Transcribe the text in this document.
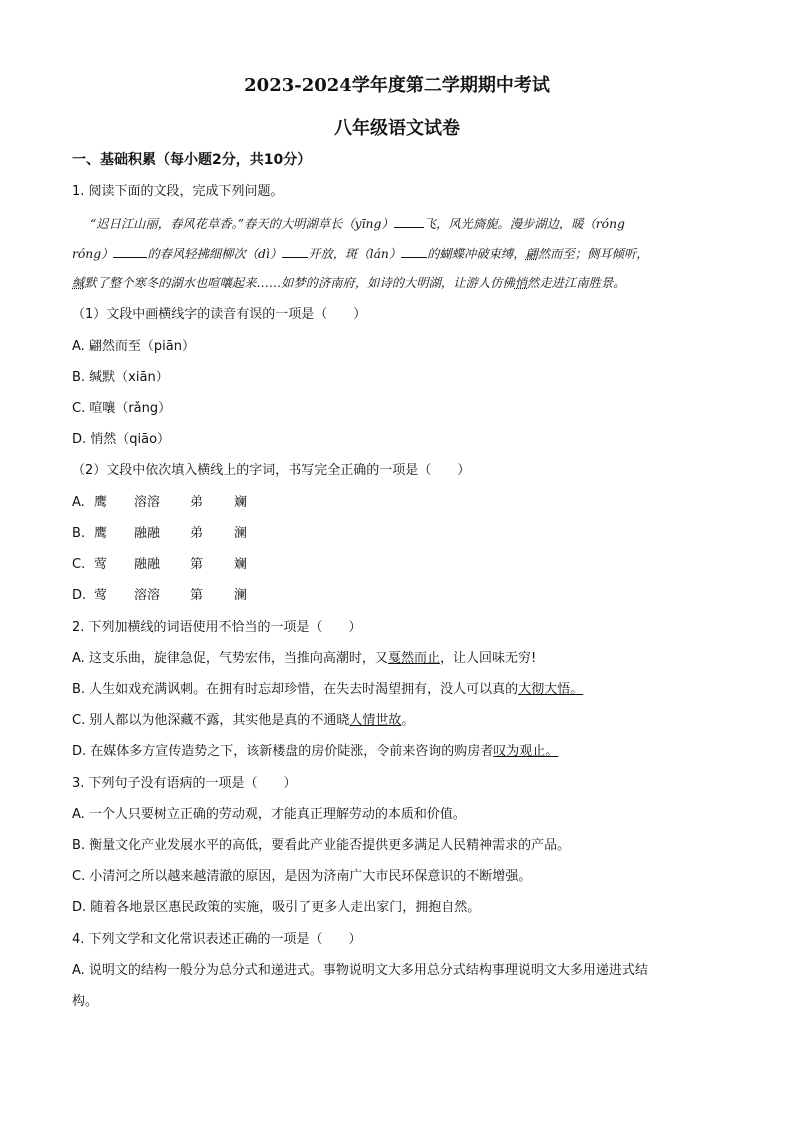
2023-2024学年度第二学期期中考试
八年级语文试卷
一、基础积累（每小题2分，共10分）
1. 阅读下面的文段，完成下列问题。
“迟日江山丽，春风花草香。”春天的大明湖草长（yīng） 飞，风光旖旎。漫步湖边，暖（róng
róng）	的春风轻拂细柳次（dì） 开放，斑（lán） 的蝴蝶冲破束缚，翩然而至；侧耳倾听，
缄默了整个寒冬的湖水也喧嚷起来……如梦的济南府，如诗的大明湖，让游人仿佛悄然走进江南胜景。
（1）文段中画横线字的读音有误的一项是（　　）
A. 翩然而至（piān）
B. 缄默（xiān）
C. 喧嚷（rǎng）
D. 悄然（qiāo）
（2）文段中依次填入横线上的字词，书写完全正确的一项是（　　）
A. 鹰 溶溶 弟 斓
B. 鹰 融融 弟 澜
C. 莺 融融 第 斓
D. 莺 溶溶 第 澜
2. 下列加横线的词语使用不恰当的一项是（　　）
A. 这支乐曲，旋律急促，气势宏伟，当推向高潮时，又戛然而止，让人回味无穷!
B. 人生如戏充满讽刺。在拥有时忘却珍惜，在失去时渴望拥有，没人可以真的大彻大悟。
C. 别人都以为他深藏不露，其实他是真的不通晓人情世故。
D. 在媒体多方宣传造势之下，该新楼盘的房价陡涨，令前来咨询的购房者叹为观止。
3. 下列句子没有语病的一项是（　　）
A. 一个人只要树立正确的劳动观，才能真正理解劳动的本质和价值。
B. 衡量文化产业发展水平的高低，要看此产业能否提供更多满足人民精神需求的产品。
C. 小清河之所以越来越清澈的原因，是因为济南广大市民环保意识的不断增强。
D. 随着各地景区惠民政策的实施，吸引了更多人走出家门，拥抱自然。
4. 下列文学和文化常识表述正确的一项是（　　）
A. 说明文的结构一般分为总分式和递进式。事物说明文大多用总分式结构事理说明文大多用递进式结
构。
